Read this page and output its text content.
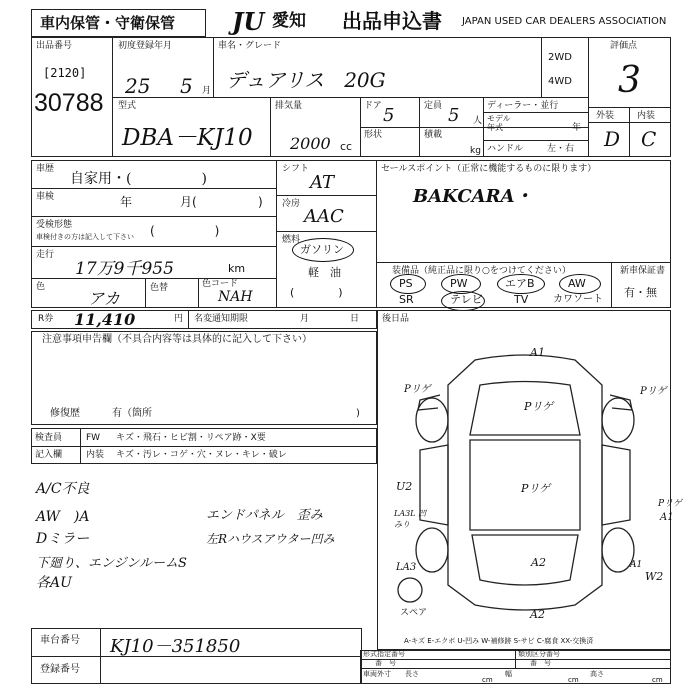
車内保管・守衛保管 JU 愛知 出品申込書 JAPAN USED CAR DEALERS ASSOCIATION
出品番号
[2120]
30788
初度登録年月
25 5 月
車名・グレード
デュアリス　20G
2WD
4WD
評価点
3
外装	内装
D C
型式
DBA－KJ10
排気量
2000 cc
ドア 5	定員 5 人
形状	積載
kg
ディーラー・並行
モデル
年式	年
ハンドル	左・右
車歴
自家用・(　　　　　)
車検	年	月(	)
受検形態
車検付きの方は記入して下さい (　　　　　)
走行
17万9千955	km
色
アカ
色替	色コード
NAH
シフト
AT
冷房
AAC
燃料
ガソリン
軽　油
(　　　　)
セールスポイント（正常に機能するものに限ります）
BAKCARA・
装備品（純正品に限り○をつけてください）
PS	PW	エアB	AW
SR	テレビ	TV カワソート
新車保証書
有・無
R券 11,410	円 名変通知期限	月	日
注意事項申告欄（不具合内容等は具体的に記入して下さい）
修復歴	有（箇所	)
検査員
記入欄
FW キズ・飛石・ヒビ割・リペア跡・X要
内装 キズ・汚レ・コゲ・穴・ヌレ・キレ・破レ
A/C不良
AW　)A
Dミラー
下廻り、エンジンルームS
各AU
エンドパネル　歪み
左Rハウスアウター凹み
後日品
A1
Pリゲ
Pリゲ
Pリゲ
Pリゲ
U2
Pリゲ
LA3L 凹みり
LA3	A2
W2
A2
A1
A1
スペア
A-キズ E-エクボ U-凹み W-補修跡 S-サビ C-腐食 XX-交換済
車台番号 KJ10－351850
登録番号
形式指定番号	類別区分番号
番　号	番　号
車両外寸 長さ	幅	高さ
cm	cm	cm
